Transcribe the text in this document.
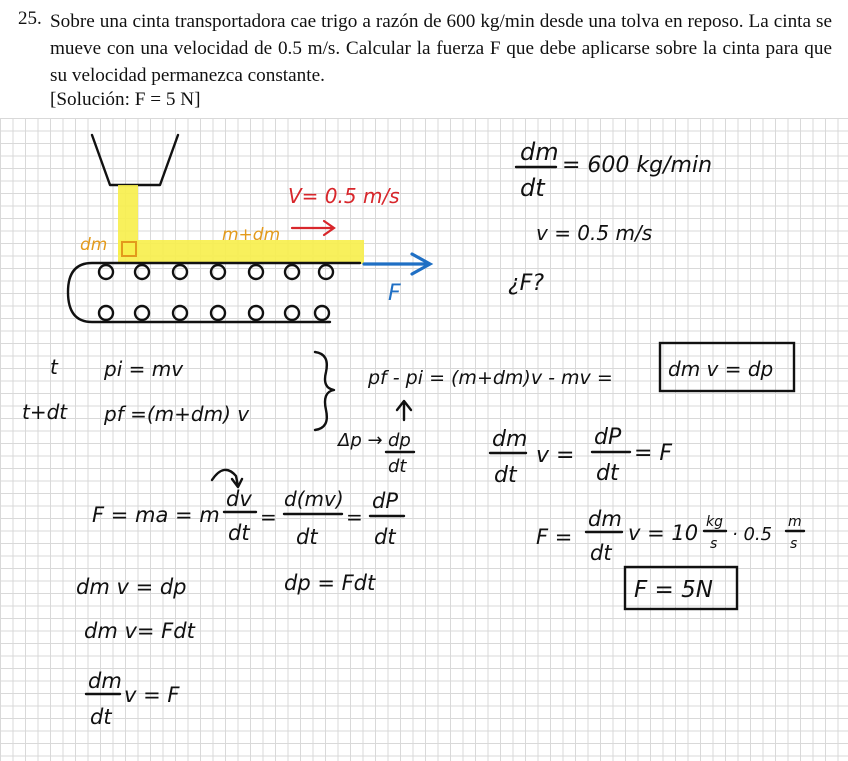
25. Sobre una cinta transportadora cae trigo a razón de 600 kg/min desde una tolva en reposo. La cinta se mueve con una velocidad de 0.5 m/s. Calcular la fuerza F que debe aplicarse sobre la cinta para que su velocidad permanezca constante.
[Solución: F = 5 N]
dm	m+dm
V= 0.5 m/s
F
dm
dt
= 600 kg/min
v = 0.5 m/s
¿F?
t pi = mv
t+dt pf =(m+dm) v
pf - pi = (m+dm)v - mv =	dm v = dp
Δp → dp
dt
dm
dt
v =
dP
dt
= F
F = ma = m
dv
dt
=
d(mv)
dt
=
dP
dt
dm v = dp	dp = Fdt
dm v= Fdt
dm
dt
v = F
F =
dm
dt
v = 10 kg
s · 0.5
m
s
F = 5N
